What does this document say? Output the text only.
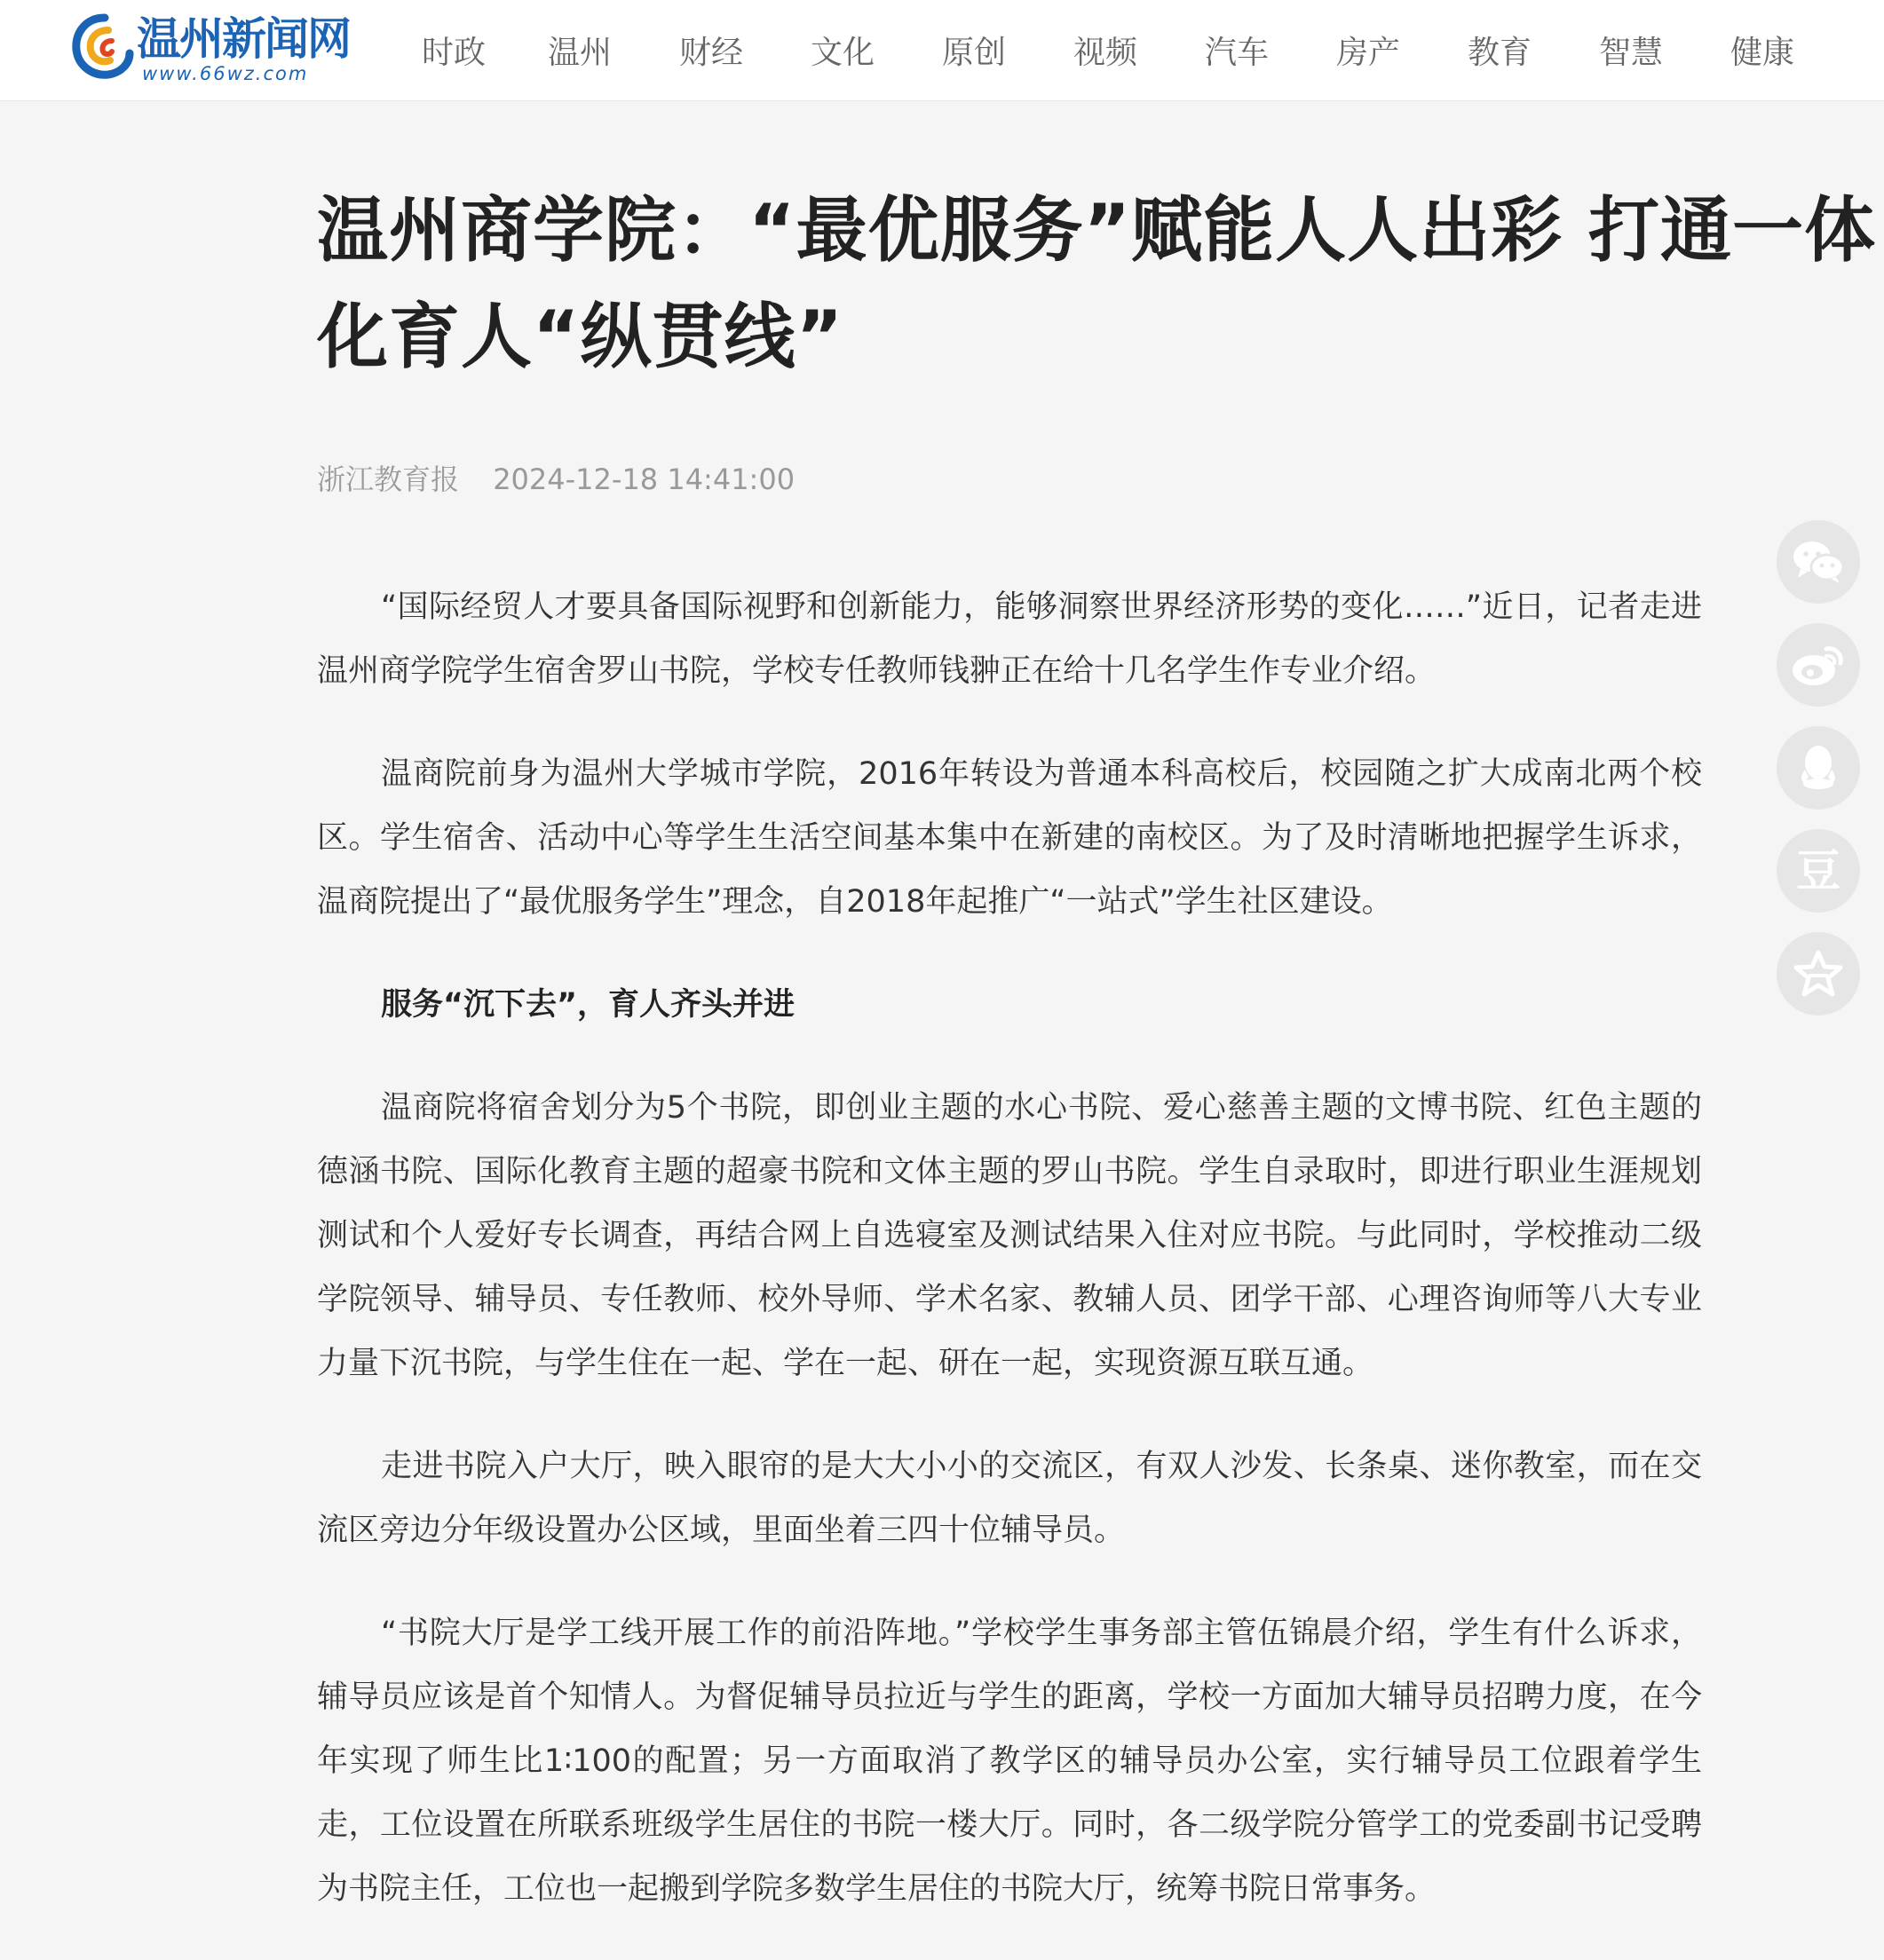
温州新闻网
www.66wz.com
时政	温州	财经	文化	原创	视频	汽车	房产	教育	智慧	健康
温州商学院：“最优服务”赋能人人出彩 打通一体化育人“纵贯线”
浙江教育报 2024-12-18 14:41:00

“国际经贸人才要具备国际视野和创新能力，能够洞察世界经济形势的变化……”近日，记者走进温州商学院学生宿舍罗山书院，学校专任教师钱翀正在给十几名学生作专业介绍。

温商院前身为温州大学城市学院，2016年转设为普通本科高校后，校园随之扩大成南北两个校区。学生宿舍、活动中心等学生生活空间基本集中在新建的南校区。为了及时清晰地把握学生诉求，温商院提出了“最优服务学生”理念，自2018年起推广“一站式”学生社区建设。

服务“沉下去”，育人齐头并进

温商院将宿舍划分为5个书院，即创业主题的水心书院、爱心慈善主题的文博书院、红色主题的德涵书院、国际化教育主题的超豪书院和文体主题的罗山书院。学生自录取时，即进行职业生涯规划测试和个人爱好专长调查，再结合网上自选寝室及测试结果入住对应书院。与此同时，学校推动二级学院领导、辅导员、专任教师、校外导师、学术名家、教辅人员、团学干部、心理咨询师等八大专业力量下沉书院，与学生住在一起、学在一起、研在一起，实现资源互联互通。

走进书院入户大厅，映入眼帘的是大大小小的交流区，有双人沙发、长条桌、迷你教室，而在交流区旁边分年级设置办公区域，里面坐着三四十位辅导员。

“书院大厅是学工线开展工作的前沿阵地。”学校学生事务部主管伍锦晨介绍，学生有什么诉求，辅导员应该是首个知情人。为督促辅导员拉近与学生的距离，学校一方面加大辅导员招聘力度，在今年实现了师生比1∶100的配置；另一方面取消了教学区的辅导员办公室，实行辅导员工位跟着学生走，工位设置在所联系班级学生居住的书院一楼大厅。同时，各二级学院分管学工的党委副书记受聘为书院主任，工位也一起搬到学院多数学生居住的书院大厅，统筹书院日常事务。

豆
